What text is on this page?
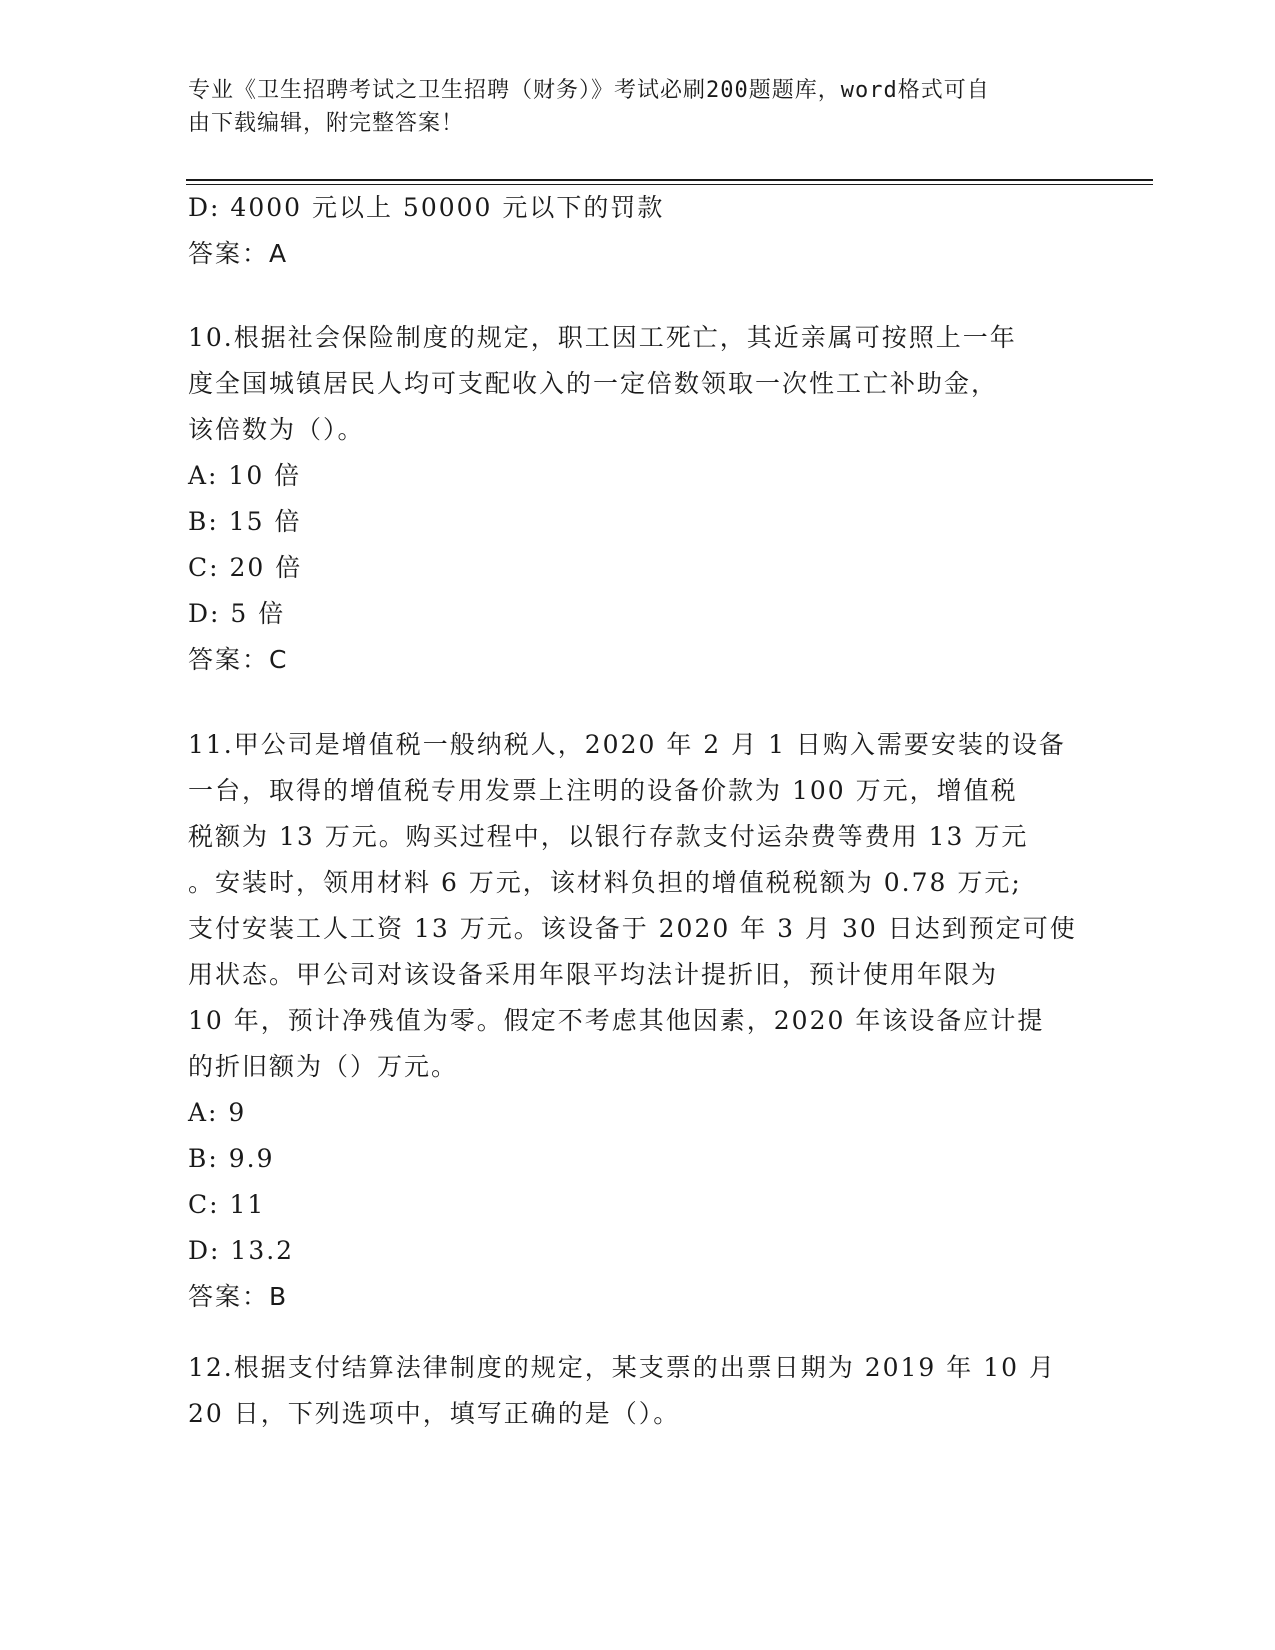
专业《卫生招聘考试之卫生招聘（财务）》考试必刷200题题库，word格式可自
由下载编辑，附完整答案！
D: 4000 元以上 50000 元以下的罚款
答案：A
10.根据社会保险制度的规定，职工因工死亡，其近亲属可按照上一年
度全国城镇居民人均可支配收入的一定倍数领取一次性工亡补助金，
该倍数为（）。
A: 10 倍
B: 15 倍
C: 20 倍
D: 5 倍
答案：C
11.甲公司是增值税一般纳税人，2020 年 2 月 1 日购入需要安装的设备
一台，取得的增值税专用发票上注明的设备价款为 100 万元，增值税
税额为 13 万元。购买过程中，以银行存款支付运杂费等费用 13 万元
。安装时，领用材料 6 万元，该材料负担的增值税税额为 0.78 万元;
支付安装工人工资 13 万元。该设备于 2020 年 3 月 30 日达到预定可使
用状态。甲公司对该设备采用年限平均法计提折旧，预计使用年限为
10 年，预计净残值为零。假定不考虑其他因素，2020 年该设备应计提
的折旧额为（）万元。
A: 9
B: 9.9
C: 11
D: 13.2
答案：B
12.根据支付结算法律制度的规定，某支票的出票日期为 2019 年 10 月
20 日，下列选项中，填写正确的是（）。
